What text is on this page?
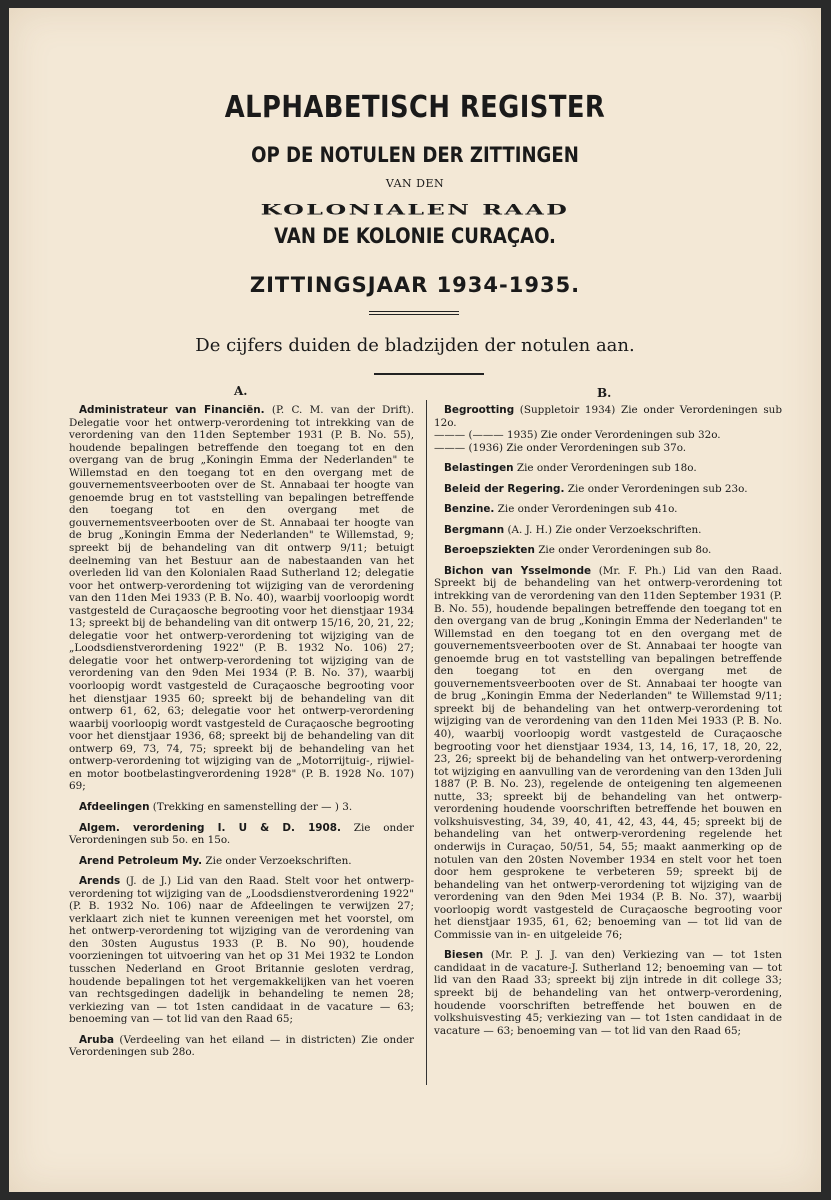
ALPHABETISCH REGISTER
OP DE NOTULEN DER ZITTINGEN
VAN DEN
KOLONIALEN RAAD
VAN DE KOLONIE CURAÇAO.
ZITTINGSJAAR 1934-1935.
De cijfers duiden de bladzijden der notulen aan.
A.	B.

Administrateur van Financiën. (P. C. M. van der Drift). Delegatie voor het ontwerp-verordening tot intrekking van de verordening van den 11den September 1931 (P. B. No. 55), houdende bepalingen betreffende den toegang tot en den overgang van de brug „Koningin Emma der Nederlanden" te Willemstad en den toegang tot en den overgang met de gouvernementsveerbooten over de St. Annabaai ter hoogte van genoemde brug en tot vaststelling van bepalingen betreffende den toegang tot en den overgang met de gouvernementsveerbooten over de St. Annabaai ter hoogte van de brug „Koningin Emma der Nederlanden" te Willemstad, 9; spreekt bij de behandeling van dit ontwerp 9/11; betuigt deelneming van het Bestuur aan de nabestaanden van het overleden lid van den Kolonialen Raad Sutherland 12; delegatie voor het ontwerp-verordening tot wijziging van de verordening van den 11den Mei 1933 (P. B. No. 40), waarbij voorloopig wordt vastgesteld de Curaçaosche begrooting voor het dienstjaar 1934 13; spreekt bij de behandeling van dit ontwerp 15/16, 20, 21, 22; delegatie voor het ontwerp-verordening tot wijziging van de „Loodsdienstverordening 1922" (P. B. 1932 No. 106) 27; delegatie voor het ontwerp-verordening tot wijziging van de verordening van den 9den Mei 1934 (P. B. No. 37), waarbij voorloopig wordt vastgesteld de Curaçaosche begrooting voor het dienstjaar 1935 60; spreekt bij de behandeling van dit ontwerp 61, 62, 63; delegatie voor het ontwerp-verordening waarbij voorloopig wordt vastgesteld de Curaçaosche begrooting voor het dienstjaar 1936, 68; spreekt bij de behandeling van dit ontwerp 69, 73, 74, 75; spreekt bij de behandeling van het ontwerp-verordening tot wijziging van de „Motorrijtuig-, rijwiel- en motor bootbelastingverordening 1928" (P. B. 1928 No. 107) 69;

Afdeelingen (Trekking en samenstelling der — ) 3.

Algem. verordening I. U & D. 1908. Zie onder Verordeningen sub 5o. en 15o.

Arend Petroleum My. Zie onder Verzoekschriften.

Arends (J. de J.) Lid van den Raad. Stelt voor het ontwerp-verordening tot wijziging van de „Loodsdienstverordening 1922" (P. B. 1932 No. 106) naar de Afdeelingen te verwijzen 27; verklaart zich niet te kunnen vereenigen met het voorstel, om het ontwerp-verordening tot wijziging van de verordening van den 30sten Augustus 1933 (P. B. No 90), houdende voorzieningen tot uitvoering van het op 31 Mei 1932 te London tusschen Nederland en Groot Britannie gesloten verdrag, houdende bepalingen tot het vergemakkelijken van het voeren van rechtsgedingen dadelijk in behandeling te nemen 28; verkiezing van — tot 1sten candidaat in de vacature — 63; benoeming van — tot lid van den Raad 65;

Aruba (Verdeeling van het eiland — in districten) Zie onder Verordeningen sub 28o.

Begrootting (Suppletoir 1934) Zie onder Verordeningen sub 12o.
——— (——— 1935) Zie onder Verordeningen sub 32o.
——— (1936) Zie onder Verordeningen sub 37o.

Belastingen Zie onder Verordeningen sub 18o.

Beleid der Regering. Zie onder Verordeningen sub 23o.

Benzine. Zie onder Verordeningen sub 41o.

Bergmann (A. J. H.) Zie onder Verzoekschriften.

Beroepsziekten Zie onder Verordeningen sub 8o.

Bichon van Ysselmonde (Mr. F. Ph.) Lid van den Raad. Spreekt bij de behandeling van het ontwerp-verordening tot intrekking van de verordening van den 11den September 1931 (P. B. No. 55), houdende bepalingen betreffende den toegang tot en den overgang van de brug „Koningin Emma der Nederlanden" te Willemstad en den toegang tot en den overgang met de gouvernementsveerbooten over de St. Annabaai ter hoogte van genoemde brug en tot vaststelling van bepalingen betreffende den toegang tot en den overgang met de gouvernementsveerbooten over de St. Annabaai ter hoogte van de brug „Koningin Emma der Nederlanden" te Willemstad 9/11; spreekt bij de behandeling van het ontwerp-verordening tot wijziging van de verordening van den 11den Mei 1933 (P. B. No. 40), waarbij voorloopig wordt vastgesteld de Curaçaosche begrooting voor het dienstjaar 1934, 13, 14, 16, 17, 18, 20, 22, 23, 26; spreekt bij de behandeling van het ontwerp-verordening tot wijziging en aanvulling van de verordening van den 13den Juli 1887 (P. B. No. 23), regelende de onteigening ten algemeenen nutte, 33; spreekt bij de behandeling van het ontwerp-verordening houdende voorschriften betreffende het bouwen en volkshuisvesting, 34, 39, 40, 41, 42, 43, 44, 45; spreekt bij de behandeling van het ontwerp-verordening regelende het onderwijs in Curaçao, 50/51, 54, 55; maakt aanmerking op de notulen van den 20sten November 1934 en stelt voor het toen door hem gesprokene te verbeteren 59; spreekt bij de behandeling van het ontwerp-verordening tot wijziging van de verordening van den 9den Mei 1934 (P. B. No. 37), waarbij voorloopig wordt vastgesteld de Curaçaosche begrooting voor het dienstjaar 1935, 61, 62; benoeming van — tot lid van de Commissie van in- en uitgeleide 76;

Biesen (Mr. P. J. J. van den) Verkiezing van — tot 1sten candidaat in de vacature-J. Sutherland 12; benoeming van — tot lid van den Raad 33; spreekt bij zijn intrede in dit college 33; spreekt bij de behandeling van het ontwerp-verordening, houdende voorschriften betreffende het bouwen en de volkshuisvesting 45; verkiezing van — tot 1sten candidaat in de vacature — 63; benoeming van — tot lid van den Raad 65;
